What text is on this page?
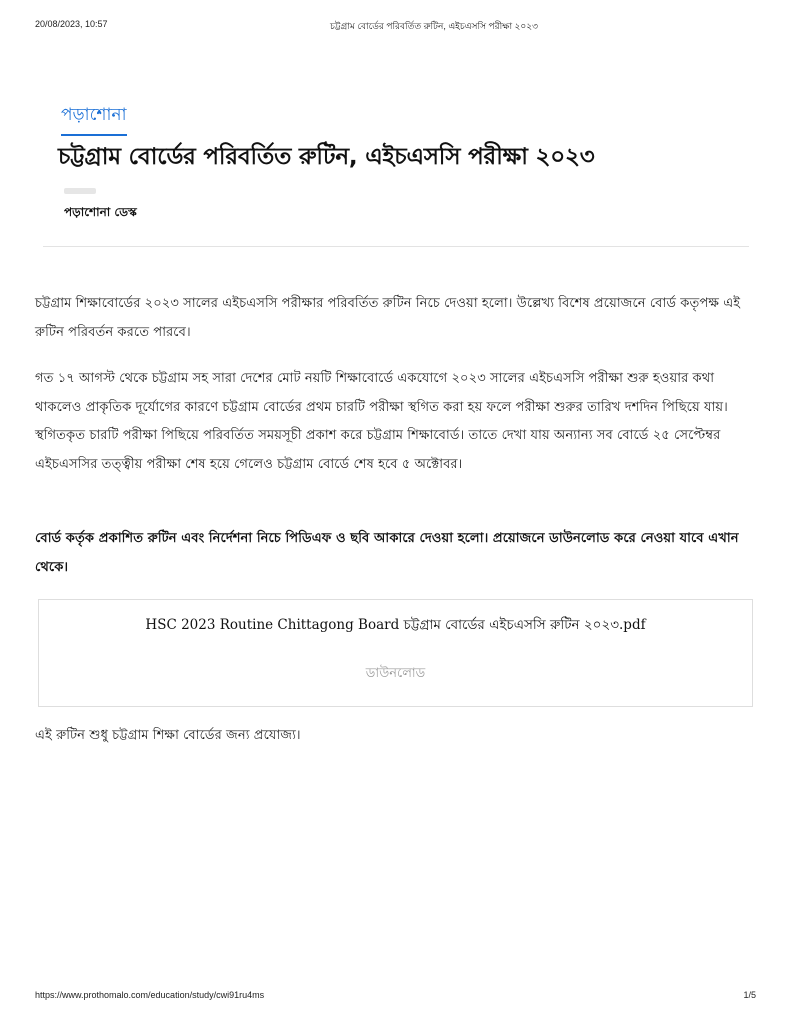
20/08/2023, 10:57	চট্টগ্রাম বোর্ডের পরিবর্তিত রুটিন, এইচএসসি পরীক্ষা ২০২৩
পড়াশোনা
চট্টগ্রাম বোর্ডের পরিবর্তিত রুটিন, এইচএসসি পরীক্ষা ২০২৩
পড়াশোনা ডেস্ক

চট্টগ্রাম শিক্ষাবোর্ডের ২০২৩ সালের এইচএসসি পরীক্ষার পরিবর্তিত রুটিন নিচে দেওয়া হলো। উল্লেখ্য বিশেষ প্রয়োজনে বোর্ড কতৃপক্ষ এই রুটিন পরিবর্তন করতে পারবে।

গত ১৭ আগস্ট থেকে চট্টগ্রাম সহ সারা দেশের মোট নয়টি শিক্ষাবোর্ডে একযোগে ২০২৩ সালের এইচএসসি পরীক্ষা শুরু হওয়ার কথা থাকলেও প্রাকৃতিক দূর্যোগের কারণে চট্টগ্রাম বোর্ডের প্রথম চারটি পরীক্ষা স্থগিত করা হয় ফলে পরীক্ষা শুরুর তারিখ দশদিন পিছিয়ে যায়। স্থগিতকৃত চারটি পরীক্ষা পিছিয়ে পরিবর্তিত সময়সূচী প্রকাশ করে চট্টগ্রাম শিক্ষাবোর্ড। তাতে দেখা যায় অন্যান্য সব বোর্ডে ২৫ সেপ্টেম্বর এইচএসসির তত্ত্বীয় পরীক্ষা শেষ হয়ে গেলেও চট্টগ্রাম বোর্ডে শেষ হবে ৫ অক্টোবর।

বোর্ড কর্তৃক প্রকাশিত রুটিন এবং নির্দেশনা নিচে পিডিএফ ও ছবি আকারে দেওয়া হলো। প্রয়োজনে ডাউনলোড করে নেওয়া যাবে এখান থেকে।

HSC 2023 Routine Chittagong Board চট্টগ্রাম বোর্ডের এইচএসসি রুটিন ২০২৩.pdf
ডাউনলোড

এই রুটিন শুধু চট্টগ্রাম শিক্ষা বোর্ডের জন্য প্রযোজ্য।

https://www.prothomalo.com/education/study/cwi91ru4ms	1/5
